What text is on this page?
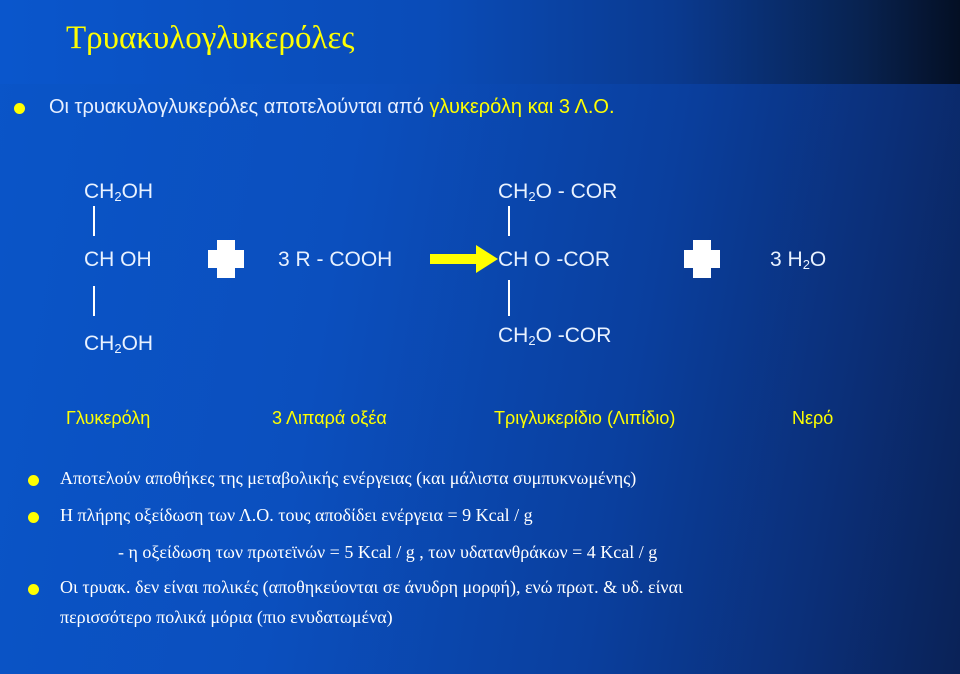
Τρυακυλογλυκερόλες
Οι τρυακυλογλυκερόλες αποτελούνται από γλυκερόλη και 3 Λ.Ο.
$CH_2OH$
CH OH
$CH_2OH$
3 R - COOH
$CH_2O$ - COR
CH O -COR
$CH_2O$ -COR
3 $H_2O$
Γλυκερόλη	3 Λιπαρά οξέα	Τριγλυκερίδιο (Λιπίδιο)	Νερό
Αποτελούν αποθήκες της μεταβολικής ενέργειας (και μάλιστα συμπυκνωμένης)
Η πλήρης οξείδωση των Λ.Ο. τους αποδίδει ενέργεια = 9 Kcal / g
- η οξείδωση των πρωτεϊνών = 5 Kcal / g , των υδατανθράκων = 4 Kcal / g
Οι τρυακ. δεν είναι πολικές (αποθηκεύονται σε άνυδρη μορφή), ενώ πρωτ. & υδ. είναι
περισσότερο πολικά μόρια (πιο ενυδατωμένα)
